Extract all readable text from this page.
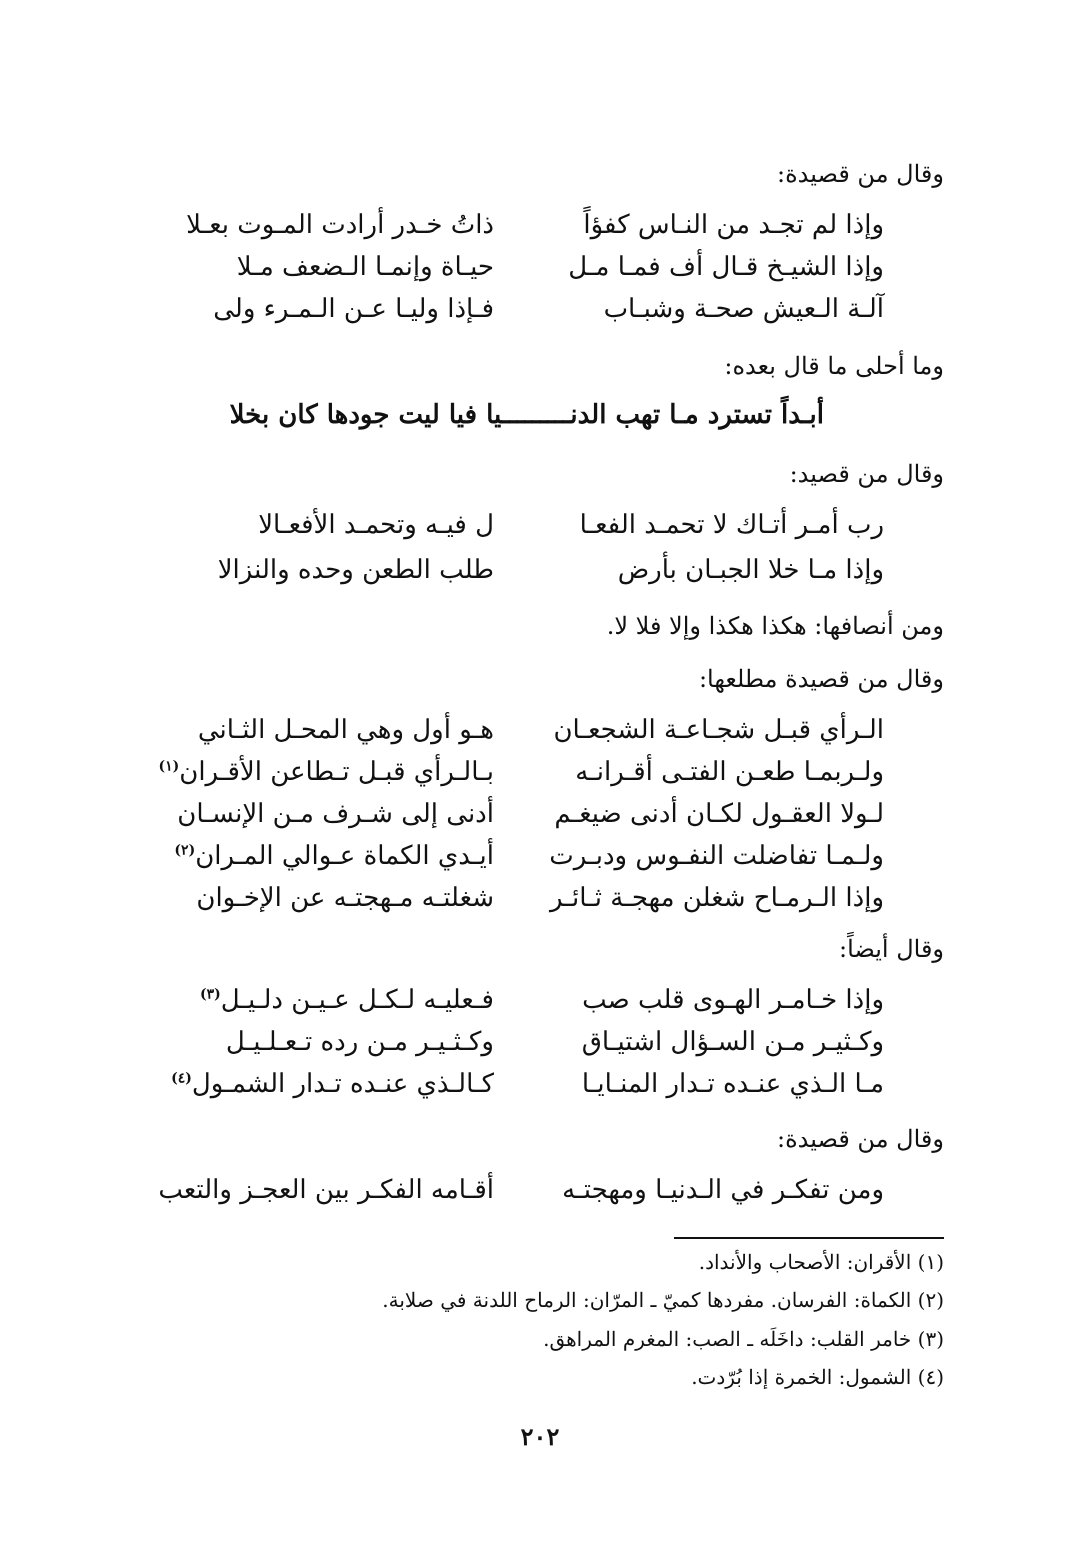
وقال من قصيدة:
وإذا لم تجـد من النـاس كفؤاً
ذاتُ خـدر أرادت المـوت بعـلا
وإذا الشيـخ قـال أف فمـا مـل
حيـاة وإنمـا الـضعف مـلا
آلـة الـعيش صحـة وشبـاب
فـإذا وليـا عـن الـمـرء ولى
وما أحلى ما قال بعده:
أبـداً تسترد مـا تهب الدنـــــــــيا فيا ليت جودها كان بخلا
وقال من قصيد:
رب أمـر أتـاك لا تحمـد الفعـا
ل فيـه وتحمـد الأفعـالا
وإذا مـا خلا الجبـان بأرض
طلب الطعن وحده والنزالا
ومن أنصافها: هكذا هكذا وإلا فلا لا.
وقال من قصيدة مطلعها:
الـرأي قبـل شجـاعـة الشجعـان
هـو أول وهي المحـل الثـاني
ولـربمـا طعـن الفتـى أقـرانـه
بـالـرأي قبـل تـطاعن الأقـران$^{(١)}$
لـولا العقـول لكـان أدنى ضيغـم
أدنى إلى شـرف مـن الإنسـان
ولـمـا تفاضلت النفـوس ودبـرت
أيـدي الكماة عـوالي المـران$^{(٢)}$
وإذا الـرمـاح شغلن مهجـة ثـائـر
شغلتـه مـهجتـه عن الإخـوان
وقال أيضاً:
وإذا خـامـر الهـوى قلب صب
فـعليـه لـكـل عـيـن دلـيـل$^{(٣)}$
وكـثيـر مـن السـؤال اشتيـاق
وكـثـيـر مـن رده تـعـلـيـل
مـا الـذي عنـده تـدار المنـايـا
كـالـذي عنـده تـدار الشمـول$^{(٤)}$
وقال من قصيدة:
ومن تفكـر في الـدنيـا ومهجتـه
أقـامه الفكـر بين العجـز والتعب
(١) الأقران: الأصحاب والأنداد.
(٢) الكماة: الفرسان. مفردها كميّ ـ المرّان: الرماح اللدنة في صلابة.
(٣) خامر القلب: داخَلَه ـ الصب: المغرم المراهق.
(٤) الشمول: الخمرة إذا بُرّدت.
٢٠٢
